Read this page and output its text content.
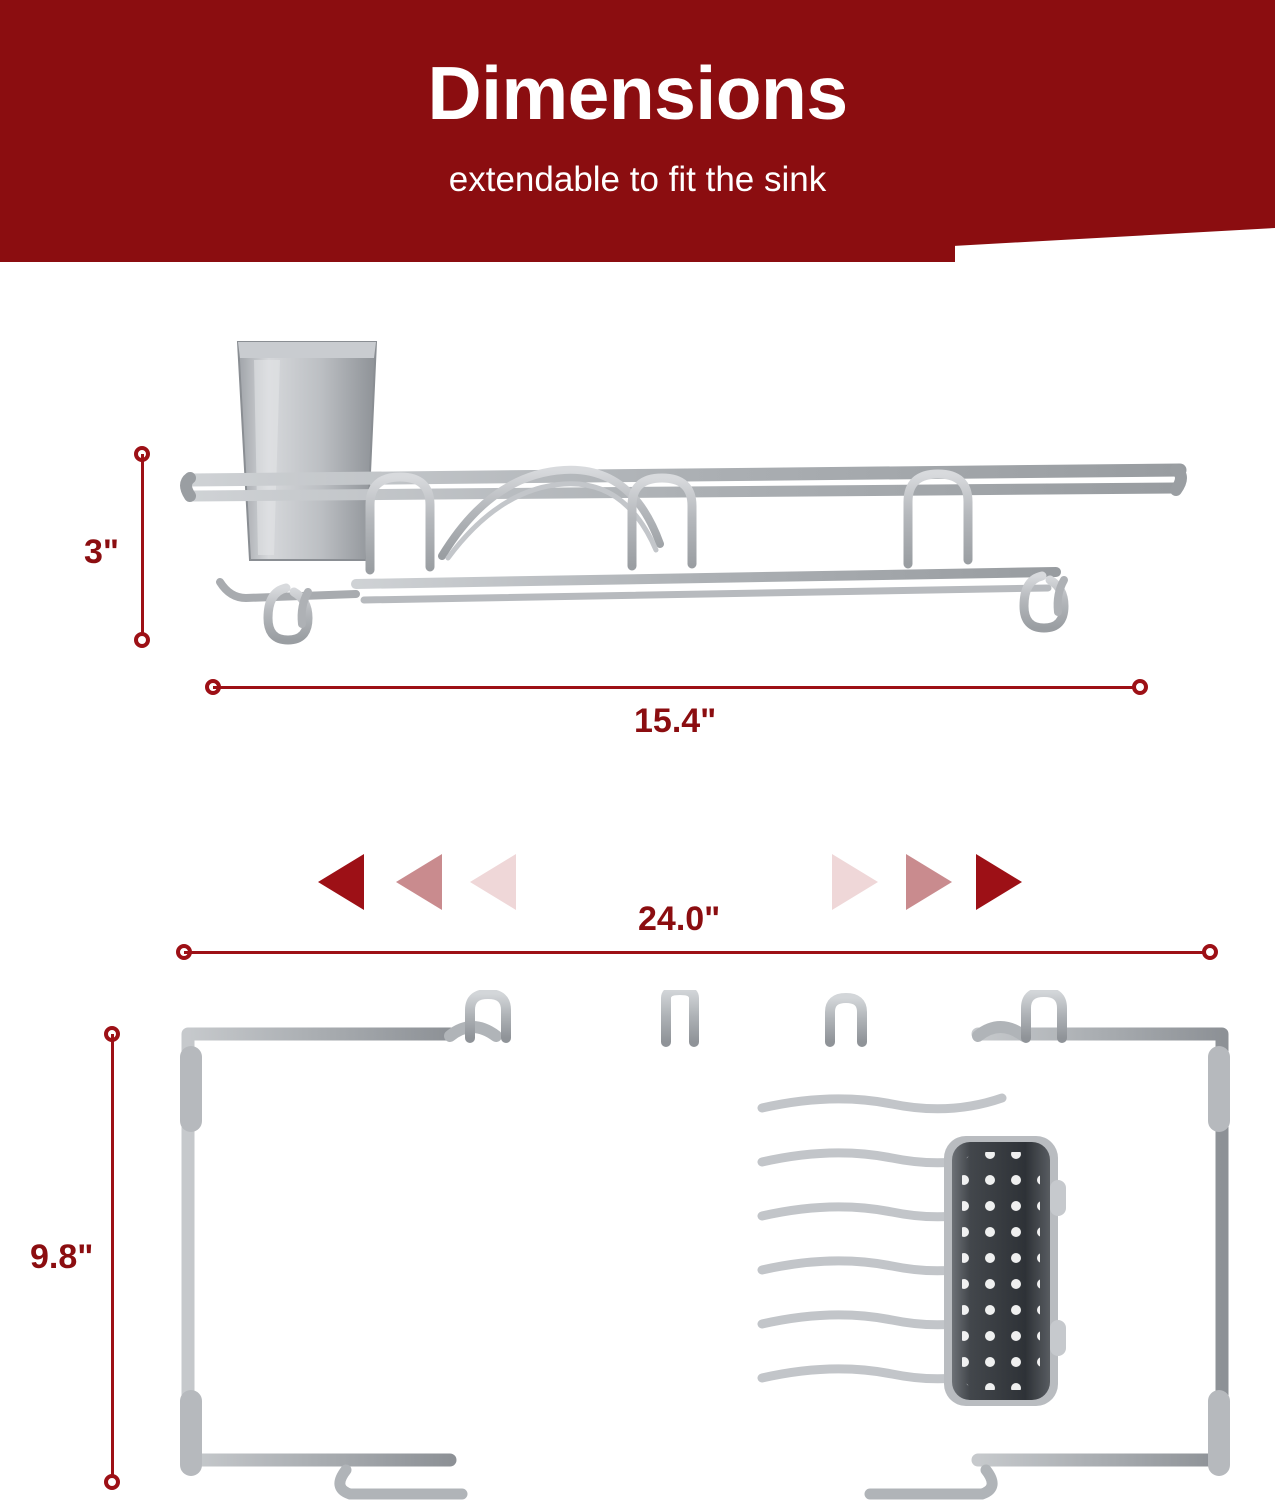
Dimensions
extendable to fit the sink
3"
15.4"
24.0"
9.8"
